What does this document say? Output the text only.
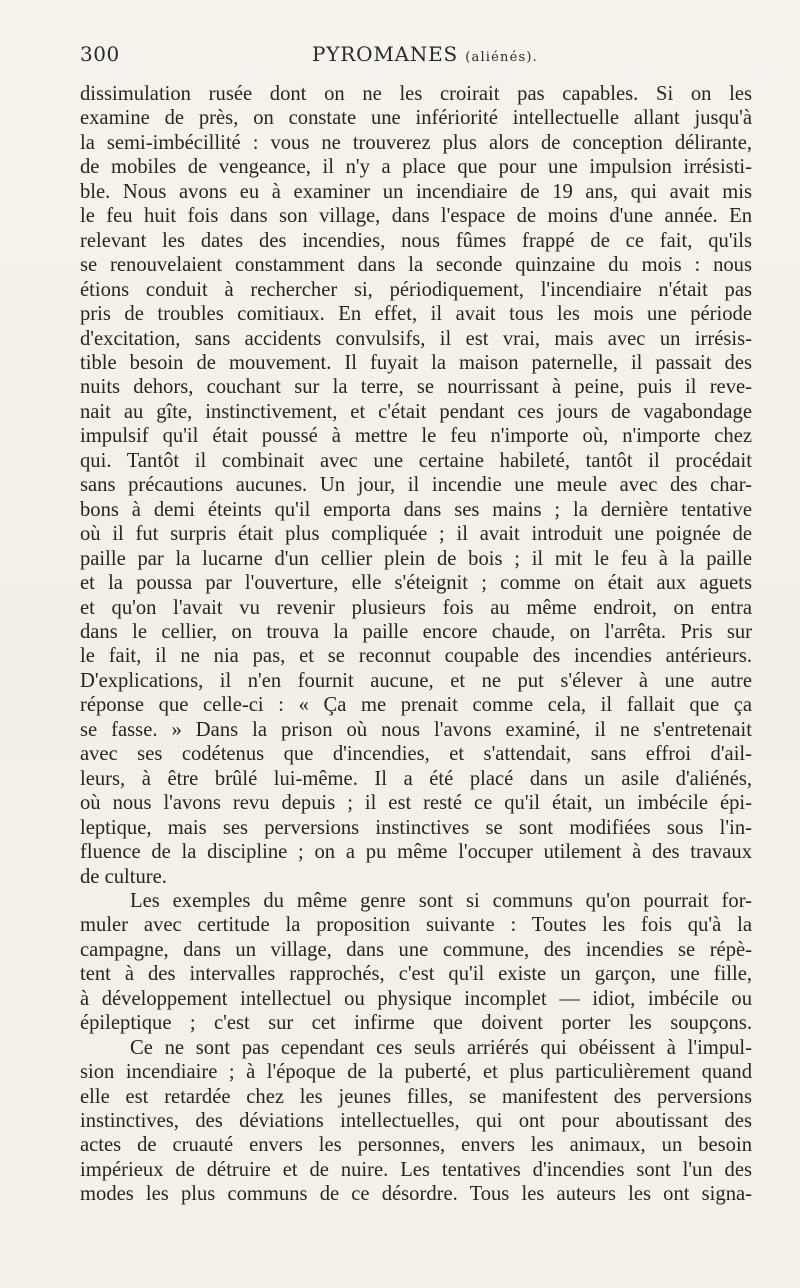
300	PYROMANES (aliénés).
dissimulation rusée dont on ne les croirait pas capables. Si on les
examine de près, on constate une infériorité intellectuelle allant jusqu'à
la semi-imbécillité : vous ne trouverez plus alors de conception délirante,
de mobiles de vengeance, il n'y a place que pour une impulsion irrésisti-
ble. Nous avons eu à examiner un incendiaire de 19 ans, qui avait mis
le feu huit fois dans son village, dans l'espace de moins d'une année. En
relevant les dates des incendies, nous fûmes frappé de ce fait, qu'ils
se renouvelaient constamment dans la seconde quinzaine du mois : nous
étions conduit à rechercher si, périodiquement, l'incendiaire n'était pas
pris de troubles comitiaux. En effet, il avait tous les mois une période
d'excitation, sans accidents convulsifs, il est vrai, mais avec un irrésis-
tible besoin de mouvement. Il fuyait la maison paternelle, il passait des
nuits dehors, couchant sur la terre, se nourrissant à peine, puis il reve-
nait au gîte, instinctivement, et c'était pendant ces jours de vagabondage
impulsif qu'il était poussé à mettre le feu n'importe où, n'importe chez
qui. Tantôt il combinait avec une certaine habileté, tantôt il procédait
sans précautions aucunes. Un jour, il incendie une meule avec des char-
bons à demi éteints qu'il emporta dans ses mains ; la dernière tentative
où il fut surpris était plus compliquée ; il avait introduit une poignée de
paille par la lucarne d'un cellier plein de bois ; il mit le feu à la paille
et la poussa par l'ouverture, elle s'éteignit ; comme on était aux aguets
et qu'on l'avait vu revenir plusieurs fois au même endroit, on entra
dans le cellier, on trouva la paille encore chaude, on l'arrêta. Pris sur
le fait, il ne nia pas, et se reconnut coupable des incendies antérieurs.
D'explications, il n'en fournit aucune, et ne put s'élever à une autre
réponse que celle-ci : « Ça me prenait comme cela, il fallait que ça
se fasse. » Dans la prison où nous l'avons examiné, il ne s'entretenait
avec ses codétenus que d'incendies, et s'attendait, sans effroi d'ail-
leurs, à être brûlé lui-même. Il a été placé dans un asile d'aliénés,
où nous l'avons revu depuis ; il est resté ce qu'il était, un imbécile épi-
leptique, mais ses perversions instinctives se sont modifiées sous l'in-
fluence de la discipline ; on a pu même l'occuper utilement à des travaux
de culture.
Les exemples du même genre sont si communs qu'on pourrait for-
muler avec certitude la proposition suivante : Toutes les fois qu'à la
campagne, dans un village, dans une commune, des incendies se répè-
tent à des intervalles rapprochés, c'est qu'il existe un garçon, une fille,
à développement intellectuel ou physique incomplet — idiot, imbécile ou
épileptique ; c'est sur cet infirme que doivent porter les soupçons.
Ce ne sont pas cependant ces seuls arriérés qui obéissent à l'impul-
sion incendiaire ; à l'époque de la puberté, et plus particulièrement quand
elle est retardée chez les jeunes filles, se manifestent des perversions
instinctives, des déviations intellectuelles, qui ont pour aboutissant des
actes de cruauté envers les personnes, envers les animaux, un besoin
impérieux de détruire et de nuire. Les tentatives d'incendies sont l'un des
modes les plus communs de ce désordre. Tous les auteurs les ont signa-
